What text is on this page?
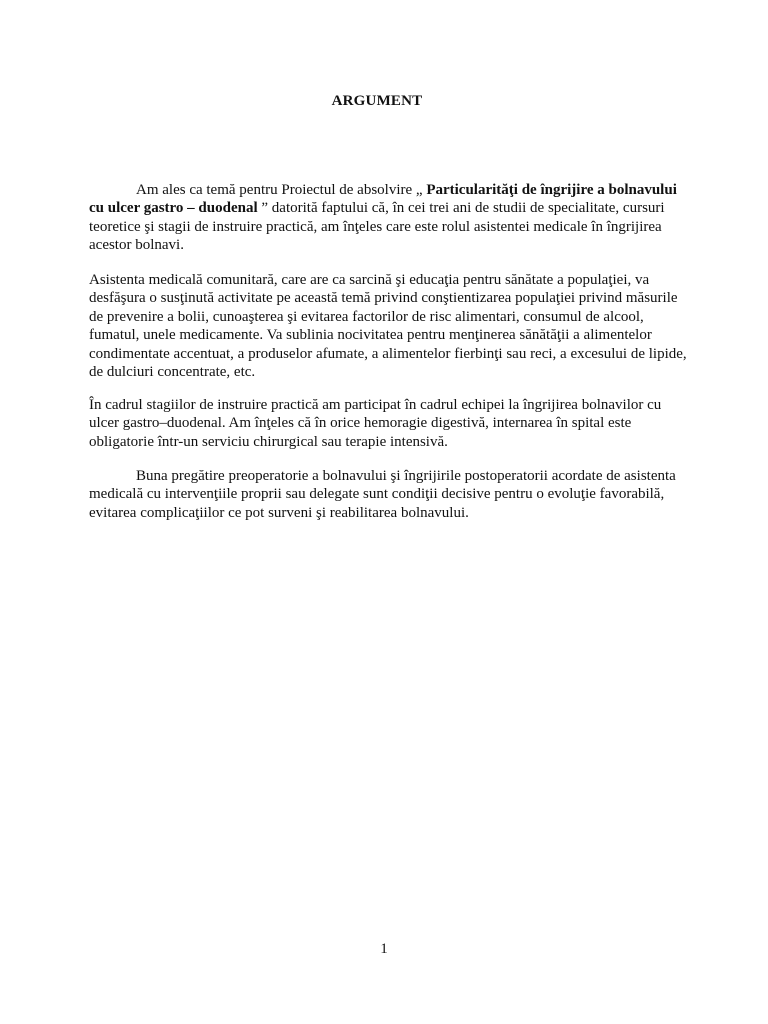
ARGUMENT
Am ales ca temă pentru Proiectul de absolvire „ Particularităţi de îngrijire a bolnavului cu ulcer gastro – duodenal ” datorită faptului că, în cei trei ani de studii de specialitate, cursuri teoretice şi stagii de instruire practică, am înţeles care este rolul asistentei medicale în îngrijirea acestor bolnavi.
Asistenta medicală comunitară, care are ca sarcină şi educaţia pentru sănătate a populaţiei, va desfăşura o susţinută activitate pe această temă privind conştientizarea populaţiei privind măsurile de prevenire a bolii, cunoaşterea şi evitarea factorilor de risc alimentari, consumul de alcool, fumatul, unele medicamente. Va sublinia nocivitatea pentru menţinerea sănătăţii a alimentelor condimentate accentuat, a produselor afumate, a alimentelor fierbinţi sau reci, a excesului de lipide, de dulciuri concentrate, etc.
În cadrul stagiilor de instruire practică am participat în cadrul echipei la îngrijirea bolnavilor cu ulcer gastro–duodenal. Am înţeles că în orice hemoragie digestivă, internarea în spital este obligatorie într-un serviciu chirurgical sau terapie intensivă.
Buna pregătire preoperatorie a bolnavului şi îngrijirile postoperatorii acordate de asistenta medicală cu intervenţiile proprii sau delegate sunt condiţii decisive pentru o evoluţie favorabilă, evitarea complicaţiilor ce pot surveni şi reabilitarea bolnavului.
1
